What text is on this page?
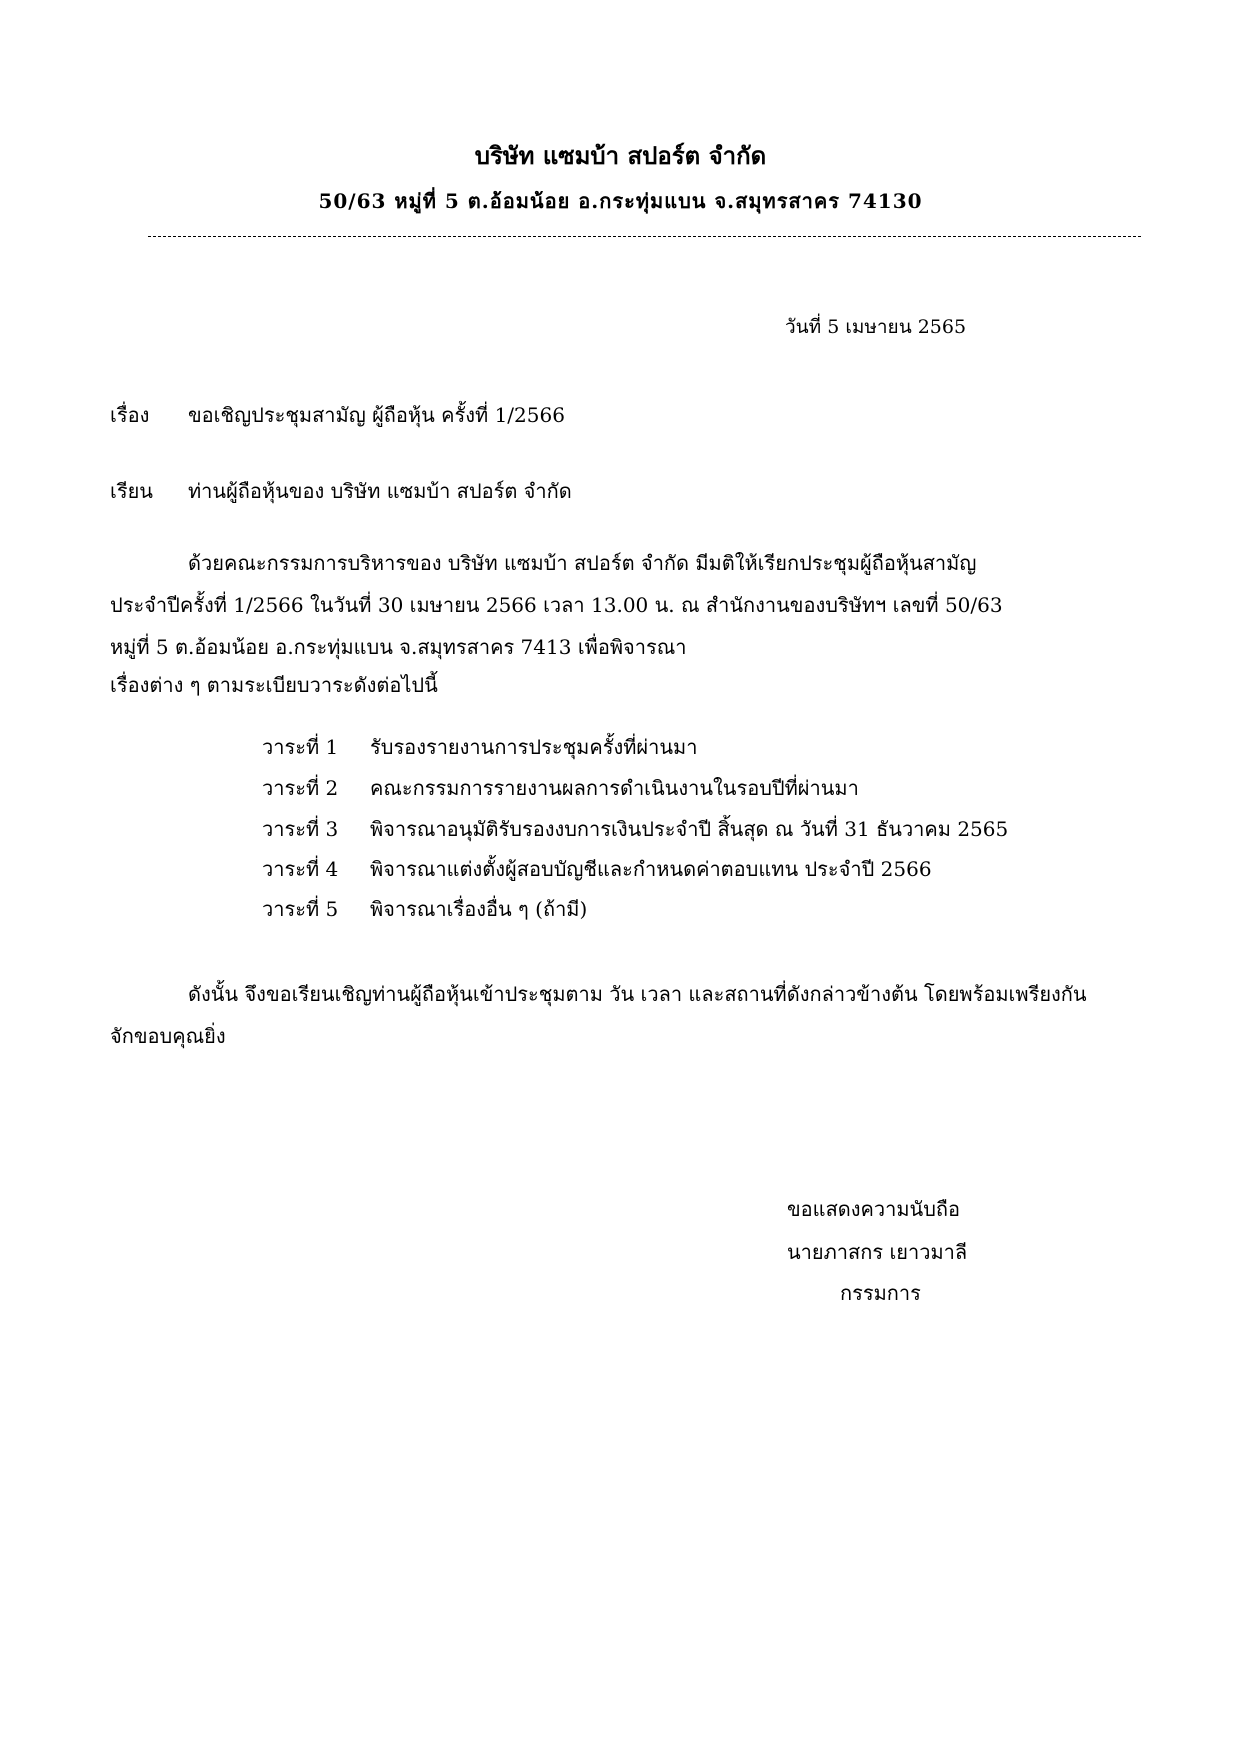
บริษัท แซมบ้า สปอร์ต จำกัด
50/63 หมู่ที่ 5 ต.อ้อมน้อย อ.กระทุ่มแบน จ.สมุทรสาคร 74130
วันที่ 5 เมษายน 2565
เรื่อง ขอเชิญประชุมสามัญ ผู้ถือหุ้น ครั้งที่ 1/2566
เรียน ท่านผู้ถือหุ้นของ บริษัท แซมบ้า สปอร์ต จำกัด
ด้วยคณะกรรมการบริหารของ บริษัท แซมบ้า สปอร์ต จำกัด มีมติให้เรียกประชุมผู้ถือหุ้นสามัญ
ประจำปีครั้งที่ 1/2566 ในวันที่ 30 เมษายน 2566 เวลา 13.00 น. ณ สำนักงานของบริษัทฯ เลขที่ 50/63
หมู่ที่ 5 ต.อ้อมน้อย อ.กระทุ่มแบน จ.สมุทรสาคร 7413 เพื่อพิจารณา
เรื่องต่าง ๆ ตามระเบียบวาระดังต่อไปนี้
วาระที่ 1 รับรองรายงานการประชุมครั้งที่ผ่านมา
วาระที่ 2 คณะกรรมการรายงานผลการดำเนินงานในรอบปีที่ผ่านมา
วาระที่ 3 พิจารณาอนุมัติรับรองงบการเงินประจำปี สิ้นสุด ณ วันที่ 31 ธันวาคม 2565
วาระที่ 4 พิจารณาแต่งตั้งผู้สอบบัญชีและกำหนดค่าตอบแทน ประจำปี 2566
วาระที่ 5 พิจารณาเรื่องอื่น ๆ (ถ้ามี)
ดังนั้น จึงขอเรียนเชิญท่านผู้ถือหุ้นเข้าประชุมตาม วัน เวลา และสถานที่ดังกล่าวข้างต้น โดยพร้อมเพรียงกัน
จักขอบคุณยิ่ง
ขอแสดงความนับถือ
นายภาสกร เยาวมาลี
กรรมการ
